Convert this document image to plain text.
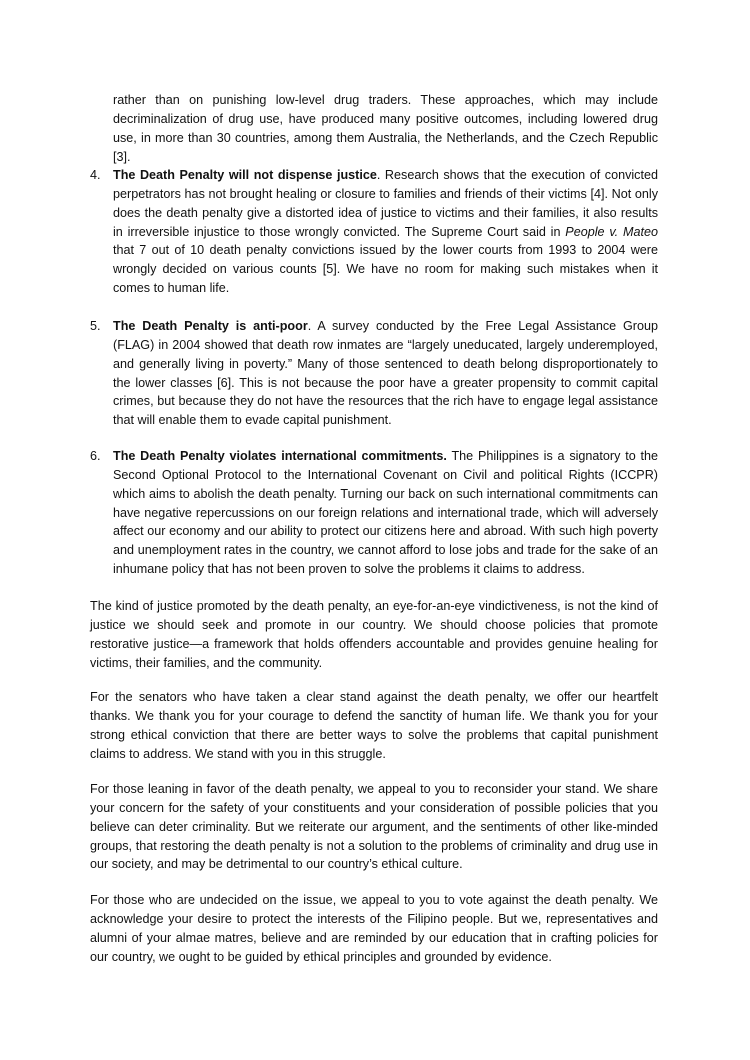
rather than on punishing low-level drug traders. These approaches, which may include decriminalization of drug use, have produced many positive outcomes, including lowered drug use, in more than 30 countries, among them Australia, the Netherlands, and the Czech Republic [3].

4. The Death Penalty will not dispense justice. Research shows that the execution of convicted perpetrators has not brought healing or closure to families and friends of their victims [4]. Not only does the death penalty give a distorted idea of justice to victims and their families, it also results in irreversible injustice to those wrongly convicted. The Supreme Court said in People v. Mateo that 7 out of 10 death penalty convictions issued by the lower courts from 1993 to 2004 were wrongly decided on various counts [5]. We have no room for making such mistakes when it comes to human life.

5. The Death Penalty is anti-poor. A survey conducted by the Free Legal Assistance Group (FLAG) in 2004 showed that death row inmates are “largely uneducated, largely underemployed, and generally living in poverty.” Many of those sentenced to death belong disproportionately to the lower classes [6]. This is not because the poor have a greater propensity to commit capital crimes, but because they do not have the resources that the rich have to engage legal assistance that will enable them to evade capital punishment.

6. The Death Penalty violates international commitments. The Philippines is a signatory to the Second Optional Protocol to the International Covenant on Civil and political Rights (ICCPR) which aims to abolish the death penalty. Turning our back on such international commitments can have negative repercussions on our foreign relations and international trade, which will adversely affect our economy and our ability to protect our citizens here and abroad. With such high poverty and unemployment rates in the country, we cannot afford to lose jobs and trade for the sake of an inhumane policy that has not been proven to solve the problems it claims to address.

The kind of justice promoted by the death penalty, an eye-for-an-eye vindictiveness, is not the kind of justice we should seek and promote in our country. We should choose policies that promote restorative justice—a framework that holds offenders accountable and provides genuine healing for victims, their families, and the community.

For the senators who have taken a clear stand against the death penalty, we offer our heartfelt thanks. We thank you for your courage to defend the sanctity of human life. We thank you for your strong ethical conviction that there are better ways to solve the problems that capital punishment claims to address. We stand with you in this struggle.

For those leaning in favor of the death penalty, we appeal to you to reconsider your stand. We share your concern for the safety of your constituents and your consideration of possible policies that you believe can deter criminality. But we reiterate our argument, and the sentiments of other like-minded groups, that restoring the death penalty is not a solution to the problems of criminality and drug use in our society, and may be detrimental to our country’s ethical culture.

For those who are undecided on the issue, we appeal to you to vote against the death penalty. We acknowledge your desire to protect the interests of the Filipino people. But we, representatives and alumni of your almae matres, believe and are reminded by our education that in crafting policies for our country, we ought to be guided by ethical principles and grounded by evidence.
